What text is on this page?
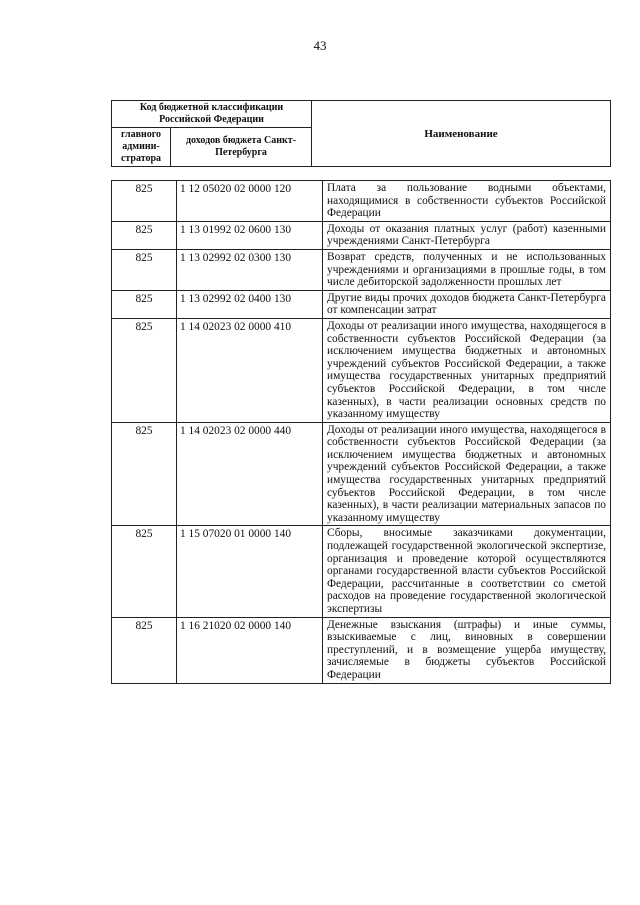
43
Код бюджетной классификации Российской Федерации		Наименование
главного админи- стратора	доходов бюджета Санкт-Петербурга	
825	1 12 05020 02 0000 120	Плата за пользование водными объектами, находящимися в собственности субъектов Российской Федерации
825	1 13 01992 02 0600 130	Доходы от оказания платных услуг (работ) казенными учреждениями Санкт-Петербурга
825	1 13 02992 02 0300 130	Возврат средств, полученных и не использованных учреждениями и организациями в прошлые годы, в том числе дебиторской задолженности прошлых лет
825	1 13 02992 02 0400 130	Другие виды прочих доходов бюджета Санкт-Петербурга от компенсации затрат
825	1 14 02023 02 0000 410	Доходы от реализации иного имущества, находящегося в собственности субъектов Российской Федерации (за исключением имущества бюджетных и автономных учреждений субъектов Российской Федерации, а также имущества государственных унитарных предприятий субъектов Российской Федерации, в том числе казенных), в части реализации основных средств по указанному имуществу
825	1 14 02023 02 0000 440	Доходы от реализации иного имущества, находящегося в собственности субъектов Российской Федерации (за исключением имущества бюджетных и автономных учреждений субъектов Российской Федерации, а также имущества государственных унитарных предприятий субъектов Российской Федерации, в том числе казенных), в части реализации материальных запасов по указанному имуществу
825	1 15 07020 01 0000 140	Сборы, вносимые заказчиками документации, подлежащей государственной экологической экспертизе, организация и проведение которой осуществляются органами государственной власти субъектов Российской Федерации, рассчитанные в соответствии со сметой расходов на проведение государственной экологической экспертизы
825	1 16 21020 02 0000 140	Денежные взыскания (штрафы) и иные суммы, взыскиваемые с лиц, виновных в совершении преступлений, и в возмещение ущерба имуществу, зачисляемые в бюджеты субъектов Российской Федерации
